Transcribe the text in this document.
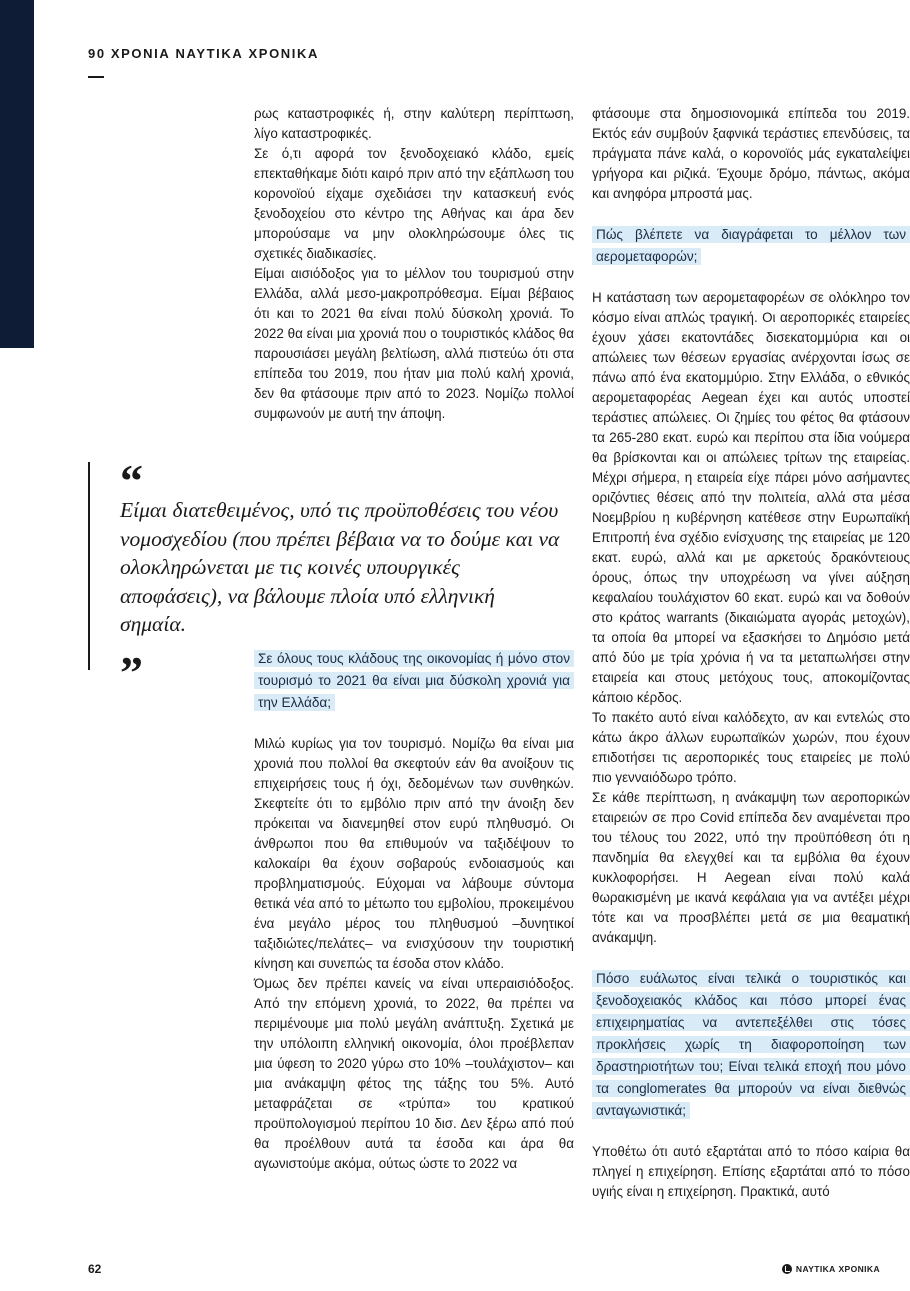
90 ΧΡΟΝΙΑ ΝΑΥΤΙΚΑ ΧΡΟΝΙΚΑ
“

Είμαι διατεθειμένος, υπό τις προϋποθέσεις του νέου νομοσχεδίου (που πρέπει βέβαια να το δούμε και να ολοκληρώνεται με τις κοινές υπουργικές αποφάσεις), να βάλουμε πλοία υπό ελληνική σημαία.

”

ρως καταστροφικές ή, στην καλύτερη περίπτωση, λίγο καταστροφικές.

Σε ό,τι αφορά τον ξενοδοχειακό κλάδο, εμείς επεκταθήκαμε διότι καιρό πριν από την εξάπλωση του κορονοϊού είχαμε σχεδιάσει την κατασκευή ενός ξενοδοχείου στο κέντρο της Αθήνας και άρα δεν μπορούσαμε να μην ολοκληρώσουμε όλες τις σχετικές διαδικασίες.

Είμαι αισιόδοξος για το μέλλον του τουρισμού στην Ελλάδα, αλλά μεσο-μακροπρόθεσμα. Είμαι βέβαιος ότι και το 2021 θα είναι πολύ δύσκολη χρονιά. Το 2022 θα είναι μια χρονιά που ο τουριστικός κλάδος θα παρουσιάσει μεγάλη βελτίωση, αλλά πιστεύω ότι στα επίπεδα του 2019, που ήταν μια πολύ καλή χρονιά, δεν θα φτάσουμε πριν από το 2023. Νομίζω πολλοί συμφωνούν με αυτή την άποψη.

Σε όλους τους κλάδους της οικονομίας ή μόνο στον τουρισμό το 2021 θα είναι μια δύσκολη χρονιά για την Ελλάδα;

Μιλώ κυρίως για τον τουρισμό. Νομίζω θα είναι μια χρονιά που πολλοί θα σκεφτούν εάν θα ανοίξουν τις επιχειρήσεις τους ή όχι, δεδομένων των συνθηκών. Σκεφτείτε ότι το εμβόλιο πριν από την άνοιξη δεν πρόκειται να διανεμηθεί στον ευρύ πληθυσμό. Οι άνθρωποι που θα επιθυμούν να ταξιδέψουν το καλοκαίρι θα έχουν σοβαρούς ενδοιασμούς και προβληματισμούς. Εύχομαι να λάβουμε σύντομα θετικά νέα από το μέτωπο του εμβολίου, προκειμένου ένα μεγάλο μέρος του πληθυσμού –δυνητικοί ταξιδιώτες/πελάτες– να ενισχύσουν την τουριστική κίνηση και συνεπώς τα έσοδα στον κλάδο.

Όμως δεν πρέπει κανείς να είναι υπεραισιόδοξος. Από την επόμενη χρονιά, το 2022, θα πρέπει να περιμένουμε μια πολύ μεγάλη ανάπτυξη. Σχετικά με την υπόλοιπη ελληνική οικονομία, όλοι προέβλεπαν μια ύφεση το 2020 γύρω στο 10% –τουλάχιστον– και μια ανάκαμψη φέτος της τάξης του 5%. Αυτό μεταφράζεται σε «τρύπα» του κρατικού προϋπολογισμού περίπου 10 δισ. Δεν ξέρω από πού θα προέλθουν αυτά τα έσοδα και άρα θα αγωνιστούμε ακόμα, ούτως ώστε το 2022 να

φτάσουμε στα δημοσιονομικά επίπεδα του 2019. Εκτός εάν συμβούν ξαφνικά τεράστιες επενδύσεις, τα πράγματα πάνε καλά, ο κορονοϊός μάς εγκαταλείψει γρήγορα και ριζικά. Έχουμε δρόμο, πάντως, ακόμα και ανηφόρα μπροστά μας.

Πώς βλέπετε να διαγράφεται το μέλλον των αερομεταφορών;

Η κατάσταση των αερομεταφορέων σε ολόκληρο τον κόσμο είναι απλώς τραγική. Οι αεροπορικές εταιρείες έχουν χάσει εκατοντάδες δισεκατομμύρια και οι απώλειες των θέσεων εργασίας ανέρχονται ίσως σε πάνω από ένα εκατομμύριο. Στην Ελλάδα, ο εθνικός αερομεταφορέας Aegean έχει και αυτός υποστεί τεράστιες απώλειες. Οι ζημίες του φέτος θα φτάσουν τα 265-280 εκατ. ευρώ και περίπου στα ίδια νούμερα θα βρίσκονται και οι απώλειες τρίτων της εταιρείας. Μέχρι σήμερα, η εταιρεία είχε πάρει μόνο ασήμαντες οριζόντιες θέσεις από την πολιτεία, αλλά στα μέσα Νοεμβρίου η κυβέρνηση κατέθεσε στην Ευρωπαϊκή Επιτροπή ένα σχέδιο ενίσχυσης της εταιρείας με 120 εκατ. ευρώ, αλλά και με αρκετούς δρακόντειους όρους, όπως την υποχρέωση να γίνει αύξηση κεφαλαίου τουλάχιστον 60 εκατ. ευρώ και να δοθούν στο κράτος warrants (δικαιώματα αγοράς μετοχών), τα οποία θα μπορεί να εξασκήσει το Δημόσιο μετά από δύο με τρία χρόνια ή να τα μεταπωλήσει στην εταιρεία και στους μετόχους τους, αποκομίζοντας κάποιο κέρδος.

Το πακέτο αυτό είναι καλόδεχτο, αν και εντελώς στο κάτω άκρο άλλων ευρωπαϊκών χωρών, που έχουν επιδοτήσει τις αεροπορικές τους εταιρείες με πολύ πιο γενναιόδωρο τρόπο.

Σε κάθε περίπτωση, η ανάκαμψη των αεροπορικών εταιρειών σε προ Covid επίπεδα δεν αναμένεται προ του τέλους του 2022, υπό την προϋπόθεση ότι η πανδημία θα ελεγχθεί και τα εμβόλια θα έχουν κυκλοφορήσει. Η Aegean είναι πολύ καλά θωρακισμένη με ικανά κεφάλαια για να αντέξει μέχρι τότε και να προσβλέπει μετά σε μια θεαματική ανάκαμψη.

Πόσο ευάλωτος είναι τελικά ο τουριστικός και ξενοδοχειακός κλάδος και πόσο μπορεί ένας επιχειρηματίας να αντεπεξέλθει στις τόσες προκλήσεις χωρίς τη διαφοροποίηση των δραστηριοτήτων του; Είναι τελικά εποχή που μόνο τα conglomerates θα μπορούν να είναι διεθνώς ανταγωνιστικά;

Υποθέτω ότι αυτό εξαρτάται από το πόσο καίρια θα πληγεί η επιχείρηση. Επίσης εξαρτάται από το πόσο υγιής είναι η επιχείρηση. Πρακτικά, αυτό

62	ΝΑΥΤΙΚΑ ΧΡΟΝΙΚΑ
